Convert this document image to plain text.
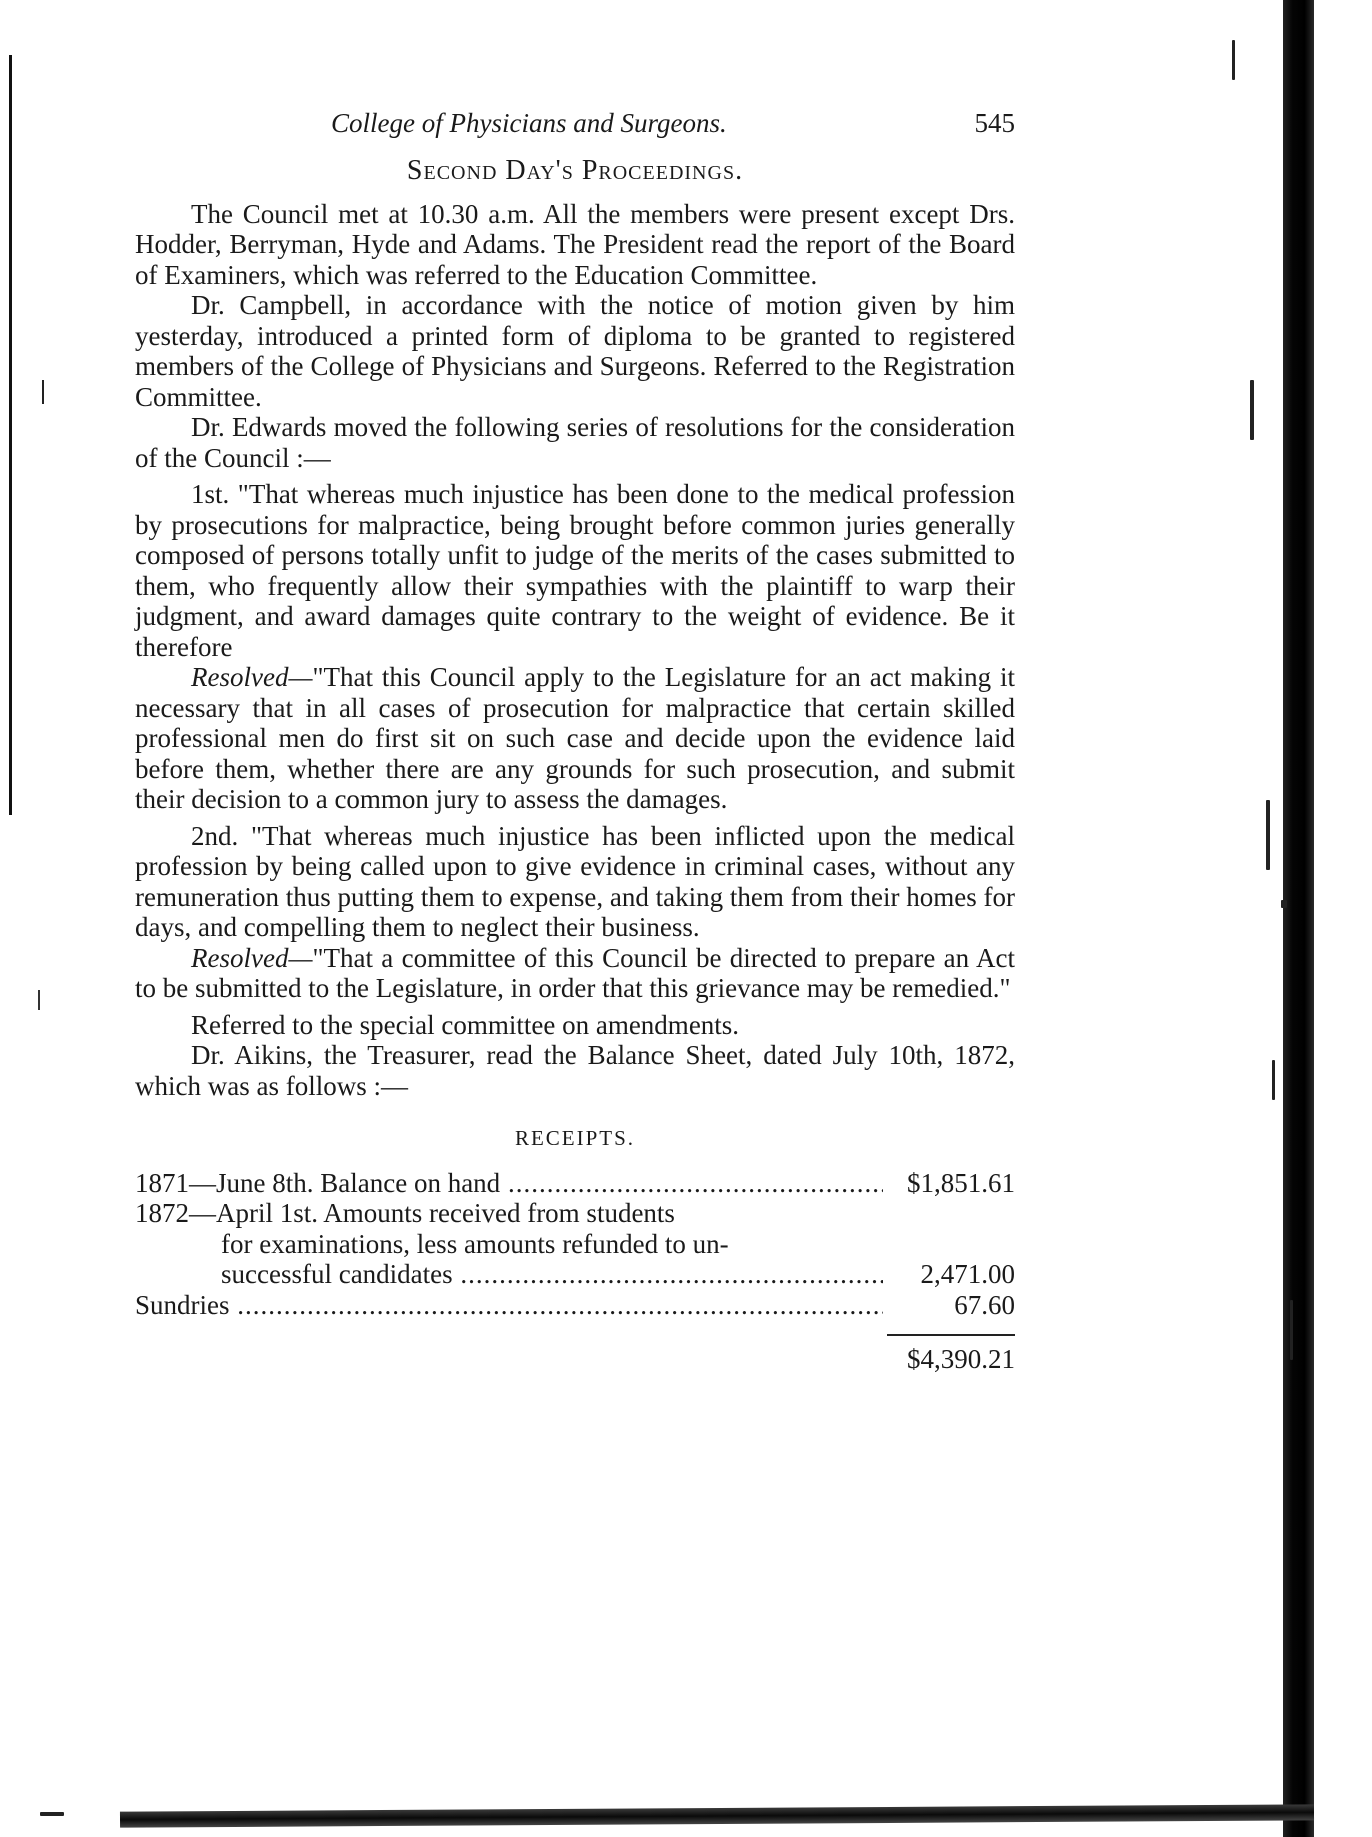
College of Physicians and Surgeons.	545
Second Day's Proceedings.

The Council met at 10.30 a.m. All the members were present except Drs. Hodder, Berryman, Hyde and Adams. The President read the report of the Board of Examiners, which was referred to the Education Committee.

Dr. Campbell, in accordance with the notice of motion given by him yesterday, introduced a printed form of diploma to be granted to registered members of the College of Physicians and Surgeons. Referred to the Registration Committee.

Dr. Edwards moved the following series of resolutions for the consideration of the Council :—

1st. "That whereas much injustice has been done to the medical profession by prosecutions for malpractice, being brought before common juries generally composed of persons totally unfit to judge of the merits of the cases submitted to them, who frequently allow their sympathies with the plaintiff to warp their judgment, and award damages quite contrary to the weight of evidence. Be it therefore

Resolved—"That this Council apply to the Legislature for an act making it necessary that in all cases of prosecution for malpractice that certain skilled professional men do first sit on such case and decide upon the evidence laid before them, whether there are any grounds for such prosecution, and submit their decision to a common jury to assess the damages.

2nd. "That whereas much injustice has been inflicted upon the medical profession by being called upon to give evidence in criminal cases, without any remuneration thus putting them to expense, and taking them from their homes for days, and compelling them to neglect their business.

Resolved—"That a committee of this Council be directed to prepare an Act to be submitted to the Legislature, in order that this grievance may be remedied."

Referred to the special committee on amendments.

Dr. Aikins, the Treasurer, read the Balance Sheet, dated July 10th, 1872, which was as follows :—

RECEIPTS.
1871—June 8th. Balance on hand .....	$1,851.61
1872—April 1st. Amounts received from students
for examinations, less amounts refunded to un-
successful candidates .....	2,471.00
Sundries .....	67.60
$4,390.21
